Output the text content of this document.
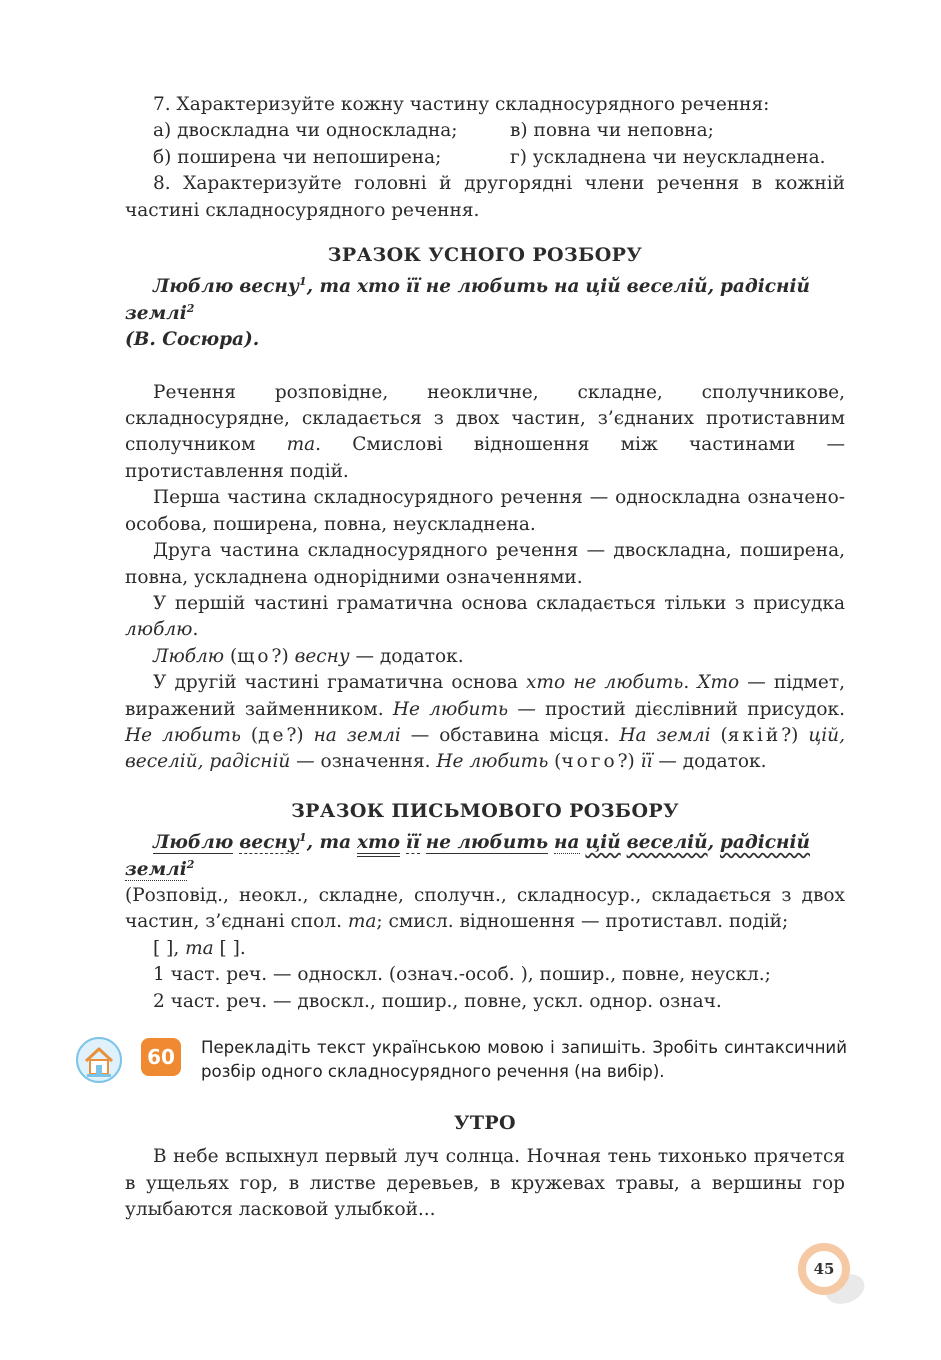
7. Характеризуйте кожну частину складносурядного речення:

а) двоскладна чи односкладна;	в) повна чи неповна;
б) поширена чи непоширена;	г) ускладнена чи неускладнена.

8. Характеризуйте головні й другорядні члени речення в кожній частині складносурядного речення.

ЗРАЗОК УСНОГО РОЗБОРУ

Люблю весну$^1$, та хто її не любить на цій веселій, радісній землі$^2$

(В. Сосюра).

Речення розповідне, неокличне, складне, сполучникове, складносурядне, складається з двох частин, з’єднаних протиставним сполучником та. Смислові відношення між частинами — протиставлення подій.

Перша частина складносурядного речення — односкладна означено-особова, поширена, повна, неускладнена.

Друга частина складносурядного речення — двоскладна, поширена, повна, ускладнена однорідними означеннями.

У першій частині граматична основа складається тільки з присудка люблю.

Люблю (що?) весну — додаток.

У другій частині граматична основа хто не любить. Хто — підмет, виражений займенником. Не любить — простий дієслівний присудок. Не любить (де?) на землі — обставина місця. На землі (якій?) цій, веселій, радісній — означення. Не любить (чого?) її — додаток.

ЗРАЗОК ПИСЬМОВОГО РОЗБОРУ

Люблю весну$^1$, та хто її не любить на цій веселій, радісній землі$^2$

(Розповід., неокл., складне, сполучн., складносур., складається з двох частин, з’єднані спол. та; смисл. відношення — протиставл. подій;

[ ], та [ ].

1 част. реч. — односкл. (означ.-особ. ), пошир., повне, неускл.;

2 част. реч. — двоскл., пошир., повне, ускл. однор. означ.

60	Перекладіть текст українською мовою і запишіть. Зробіть синтаксичний розбір одного складносурядного речення (на вибір).
УТРО

В небе вспыхнул первый луч солнца. Ночная тень тихонько прячется в ущельях гор, в листве деревьев, в кружевах травы, а вершины гор улыбаются ласковой улыбкой...

45
